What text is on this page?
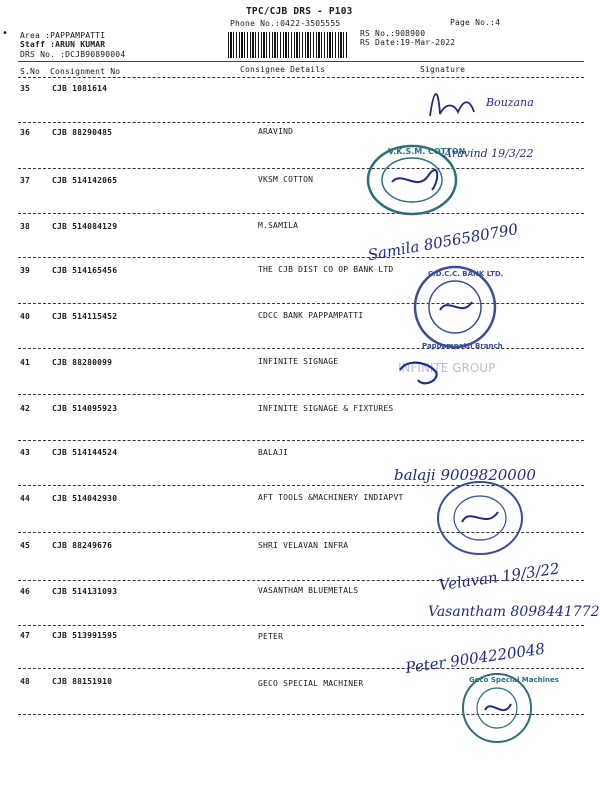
TPC/CJB DRS - P103
Phone No.:0422-3505555	Page No.:4
Area :PAPPAMPATTI
Staff :ARUN KUMAR
DRS No. :DCJB90890004
RS No.:908900
RS Date:19-Mar-2022
•
S.No Consignment No	Consignee Details	Signature
35	CJB 1081614
36	CJB 88290485	ARAVIND
37	CJB 514142065	VKSM COTTON
38	CJB 514084129	M.SAMILA
39	CJB 514165456	THE CJB DIST CO OP BANK LTD
40	CJB 514115452	CDCC BANK PAPPAMPATTI
41	CJB 88280099	INFINITE SIGNAGE
42	CJB 514095923	INFINITE SIGNAGE & FIXTURES
43	CJB 514144524	BALAJI
44	CJB 514042930	AFT TOOLS &MACHINERY INDIAPVT
45	CJB 88249676	SHRI VELAVAN INFRA
46	CJB 514131093	VASANTHAM BLUEMETALS
47	CJB 513991595	PETER
48	CJB 88151910	GECO SPECIAL MACHINER
V.K.S.M. COTTON
C.D.C.C. BANK LTD.
Pappampatti Branch
INFINITE GROUP
Geco Special Machines
Bouzana
Aravind 19/3/22
Samila 8056580790
balaji 9009820000
Velavan 19/3/22
Vasantham 8098441772
Peter 9004220048
